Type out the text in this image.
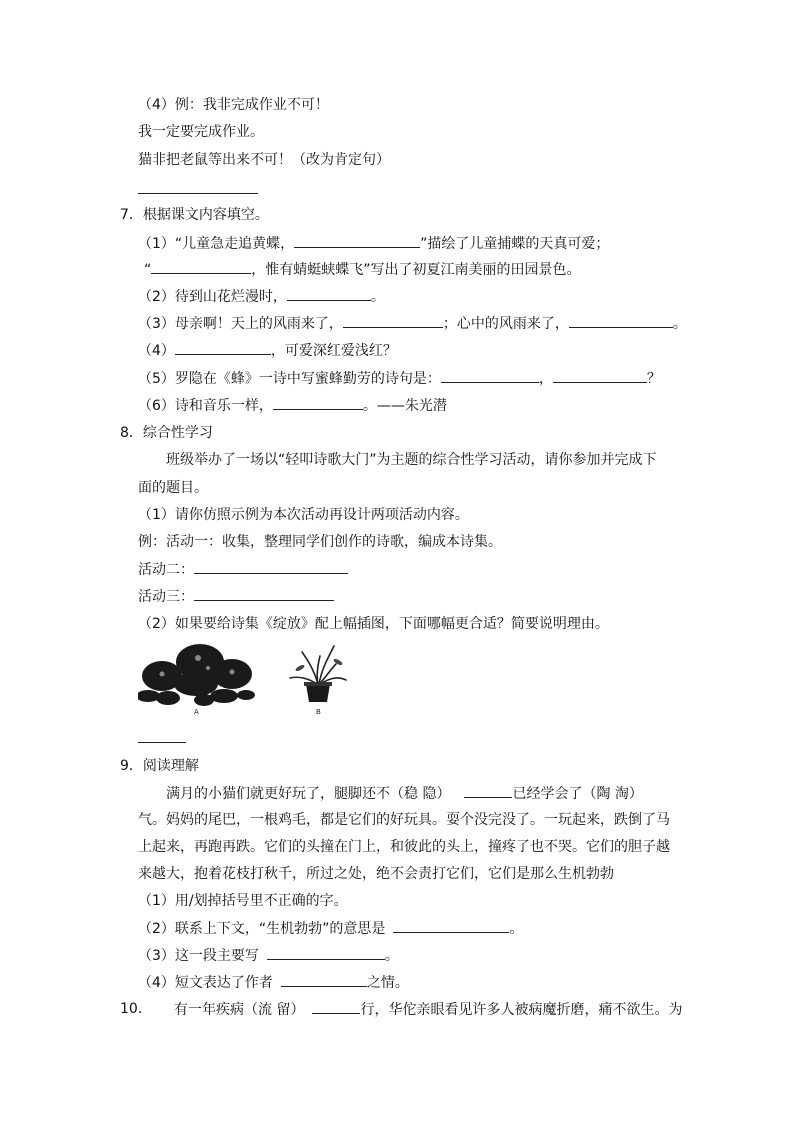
（4）例：我非完成作业不可！
我一定要完成作业。
猫非把老鼠等出来不可！（改为肯定句）
7．根据课文内容填空。
（1）“儿童急走追黄蝶，	”描绘了儿童捕蝶的天真可爱；
“	，惟有蜻蜓蛱蝶飞”写出了初夏江南美丽的田园景色。
（2）待到山花烂漫时，	。
（3）母亲啊！天上的风雨来了，	；心中的风雨来了，	。
（4）	，可爱深红爱浅红？
（5）罗隐在《蜂》一诗中写蜜蜂勤劳的诗句是：	，	？
（6）诗和音乐一样，	。——朱光潜
8．综合性学习
班级举办了一场以“轻叩诗歌大门”为主题的综合性学习活动，请你参加并完成下
面的题目。
（1）请你仿照示例为本次活动再设计两项活动内容。
例：活动一：收集，整理同学们创作的诗歌，编成本诗集。
活动二：
活动三：
（2）如果要给诗集《绽放》配上幅插图，下面哪幅更合适？简要说明理由。
A	B
9．阅读理解
满月的小猫们就更好玩了，腿脚还不（稳 隐）	已经学会了（陶 淘）
气。妈妈的尾巴，一根鸡毛，都是它们的好玩具。耍个没完没了。一玩起来，跌倒了马
上起来，再跑再跌。它们的头撞在门上，和彼此的头上，撞疼了也不哭。它们的胆子越
来越大，抱着花枝打秋千，所过之处，绝不会责打它们，它们是那么生机勃勃
（1）用/划掉括号里不正确的字。
（2）联系上下文，“生机勃勃”的意思是	。
（3）这一段主要写	。
（4）短文表达了作者	之情。
10． 有一年疾病（流 留）	行，华佗亲眼看见许多人被病魔折磨，痛不欲生。为
